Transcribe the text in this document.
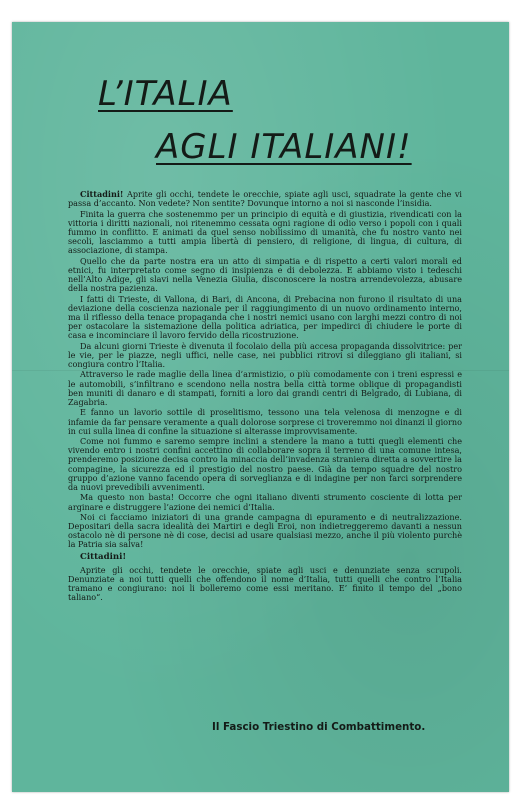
L’ITALIA
AGLI ITALIANI!

Cittadini! Aprite gli occhi, tendete le orecchie, spiate agli usci, squadrate la gente che vi passa d’accanto. Non vedete? Non sentite? Dovunque intorno a noi si nasconde l’insidia.

Finita la guerra che sostenemmo per un principio di equità e di giustizia, rivendicati con la vittoria i diritti nazionali, noi ritenemmo cessata ogni ragione di odio verso i popoli con i quali fummo in conflitto. E animati da quel senso nobilissimo di umanità, che fu nostro vanto nei secoli, lasciammo a tutti ampia libertà di pensiero, di religione, di lingua, di cultura, di associazione, di stampa.

Quello che da parte nostra era un atto di simpatia e di rispetto a certi valori morali ed etnici, fu interpretato come segno di insipienza e di debolezza. E abbiamo visto i tedeschi nell’Alto Adige, gli slavi nella Venezia Giulia, disconoscere la nostra arrendevolezza, abusare della nostra pazienza.

I fatti di Trieste, di Vallona, di Bari, di Ancona, di Prebacina non furono il risultato di una deviazione della coscienza nazionale per il raggiungimento di un nuovo ordinamento interno, ma il riflesso della tenace propaganda che i nostri nemici usano con larghi mezzi contro di noi per ostacolare la sistemazione della politica adriatica, per impedirci di chiudere le porte di casa e incominciare il lavoro fervido della ricostruzione.

Da alcuni giorni Trieste è divenuta il focolaio della più accesa propaganda dissolvitrice: per le vie, per le piazze, negli uffici, nelle case, nei pubblici ritrovi si dileggiano gli italiani, si congiura contro l’Italia.

Attraverso le rade maglie della linea d’armistizio, o più comodamente con i treni espressi e le automobili, s’infiltrano e scendono nella nostra bella città torme oblique di propagandisti ben muniti di danaro e di stampati, forniti a loro dai grandi centri di Belgrado, di Lubiana, di Zagabria.

E fanno un lavorio sottile di proselitismo, tessono una tela velenosa di menzogne e di infamie da far pensare veramente a quali dolorose sorprese ci troveremmo noi dinanzi il giorno in cui sulla linea di confine la situazione si alterasse improvvisamente.

Come noi fummo e saremo sempre inclini a stendere la mano a tutti quegli elementi che vivendo entro i nostri confini accettino di collaborare sopra il terreno di una comune intesa, prenderemo posizione decisa contro la minaccia dell’invadenza straniera diretta a sovvertire la compagine, la sicurezza ed il prestigio del nostro paese. Già da tempo squadre del nostro gruppo d’azione vanno facendo opera di sorveglianza e di indagine per non farci sorprendere da nuovi prevedibili avvenimenti.

Ma questo non basta! Occorre che ogni italiano diventi strumento cosciente di lotta per arginare e distruggere l’azione dei nemici d’Italia.

Noi ci facciamo iniziatori di una grande campagna di epuramento e di neutralizzazione. Depositari della sacra idealità dei Martiri e degli Eroi, non indietreggeremo davanti a nessun ostacolo nè di persone nè di cose, decisi ad usare qualsiasi mezzo, anche il più violento purchè la Patria sia salva!

Cittadini!

Aprite gli occhi, tendete le orecchie, spiate agli usci e denunziate senza scrupoli. Denunziate a noi tutti quelli che offendono il nome d’Italia, tutti quelli che contro l’Italia tramano e congiurano: noi li bolleremo come essi meritano. E’ finito il tempo del „bono taliano“.

Il Fascio Triestino di Combattimento.
